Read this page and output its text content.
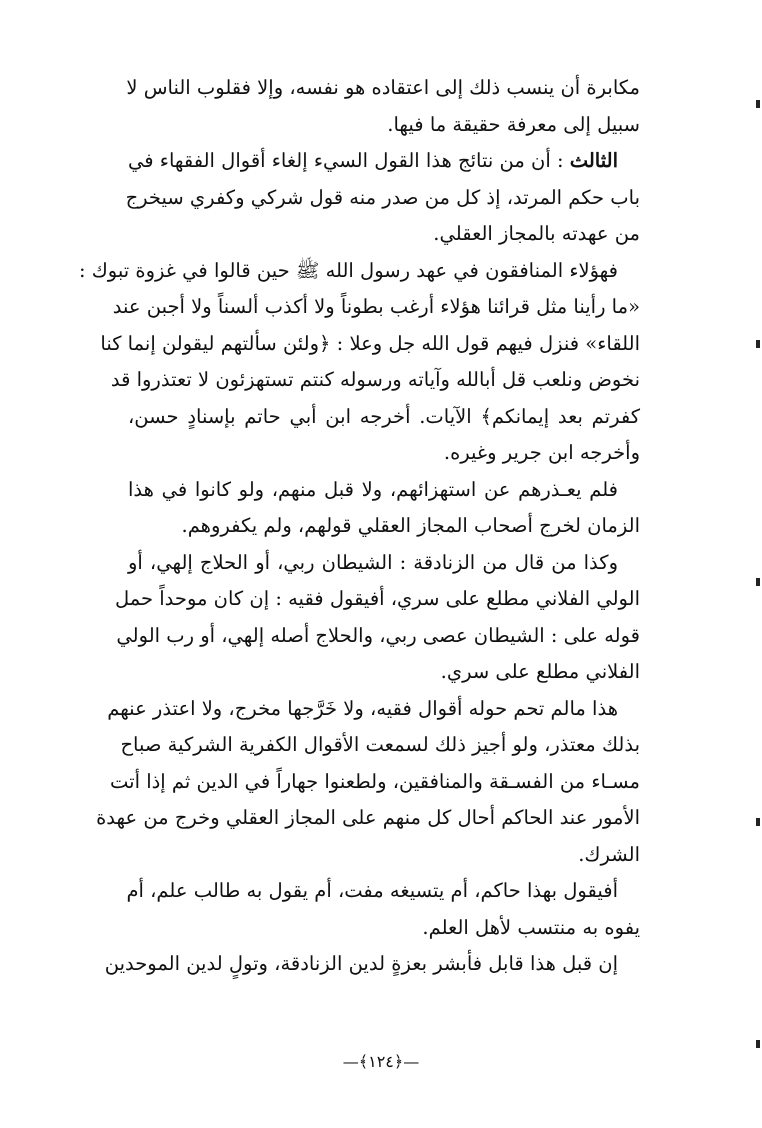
مكابرة أن ينسب ذلك إلى اعتقاده هو نفسه، وإلا فقلوب الناس لا
سبيل إلى معرفة حقيقة ما فيها.

الثالث : أن من نتائج هذا القول السيء إلغاء أقوال الفقهاء في
باب حكم المرتد، إذ كل من صدر منه قول شركي وكفري سيخرج
من عهدته بالمجاز العقلي.

فهؤلاء المنافقون في عهد رسول الله ﷺ حين قالوا في غزوة تبوك :
«ما رأينا مثل قرائنا هؤلاء أرغب بطوناً ولا أكذب ألسناً ولا أجبن عند
اللقاء» فنزل فيهم قول الله جل وعلا : ﴿ولئن سألتهم ليقولن إنما كنا
نخوض ونلعب قل أبالله وآياته ورسوله كنتم تستهزئون لا تعتذروا قد
كفرتم بعد إيمانكم﴾ الآيات. أخرجه ابن أبي حاتم بإسنادٍ حسن،
وأخرجه ابن جرير وغيره.

فلم يعـذرهم عن استهزائهم، ولا قبل منهم، ولو كانوا في هذا
الزمان لخرج أصحاب المجاز العقلي قولهم، ولم يكفروهم.

وكذا من قال من الزنادقة : الشيطان ربي، أو الحلاج إلهي، أو
الولي الفلاني مطلع على سري، أفيقول فقيه : إن كان موحداً حمل
قوله على : الشيطان عصى ربي، والحلاج أصله إلهي، أو رب الولي
الفلاني مطلع على سري.

هذا مالم تحم حوله أقوال فقيه، ولا خَرَّجها مخرج، ولا اعتذر عنهم
بذلك معتذر، ولو أجيز ذلك لسمعت الأقوال الكفرية الشركية صباح
مسـاء من الفسـقة والمنافقين، ولطعنوا جهاراً في الدين ثم إذا أتت
الأمور عند الحاكم أحال كل منهم على المجاز العقلي وخرج من عهدة
الشرك.

أفيقول بهذا حاكم، أم يتسيغه مفت، أم يقول به طالب علم، أم
يفوه به منتسب لأهل العلم.

إن قبل هذا قابل فأبشر بعزةٍ لدين الزنادقة، وتولٍ لدين الموحدين

—﴿١٢٤﴾—
